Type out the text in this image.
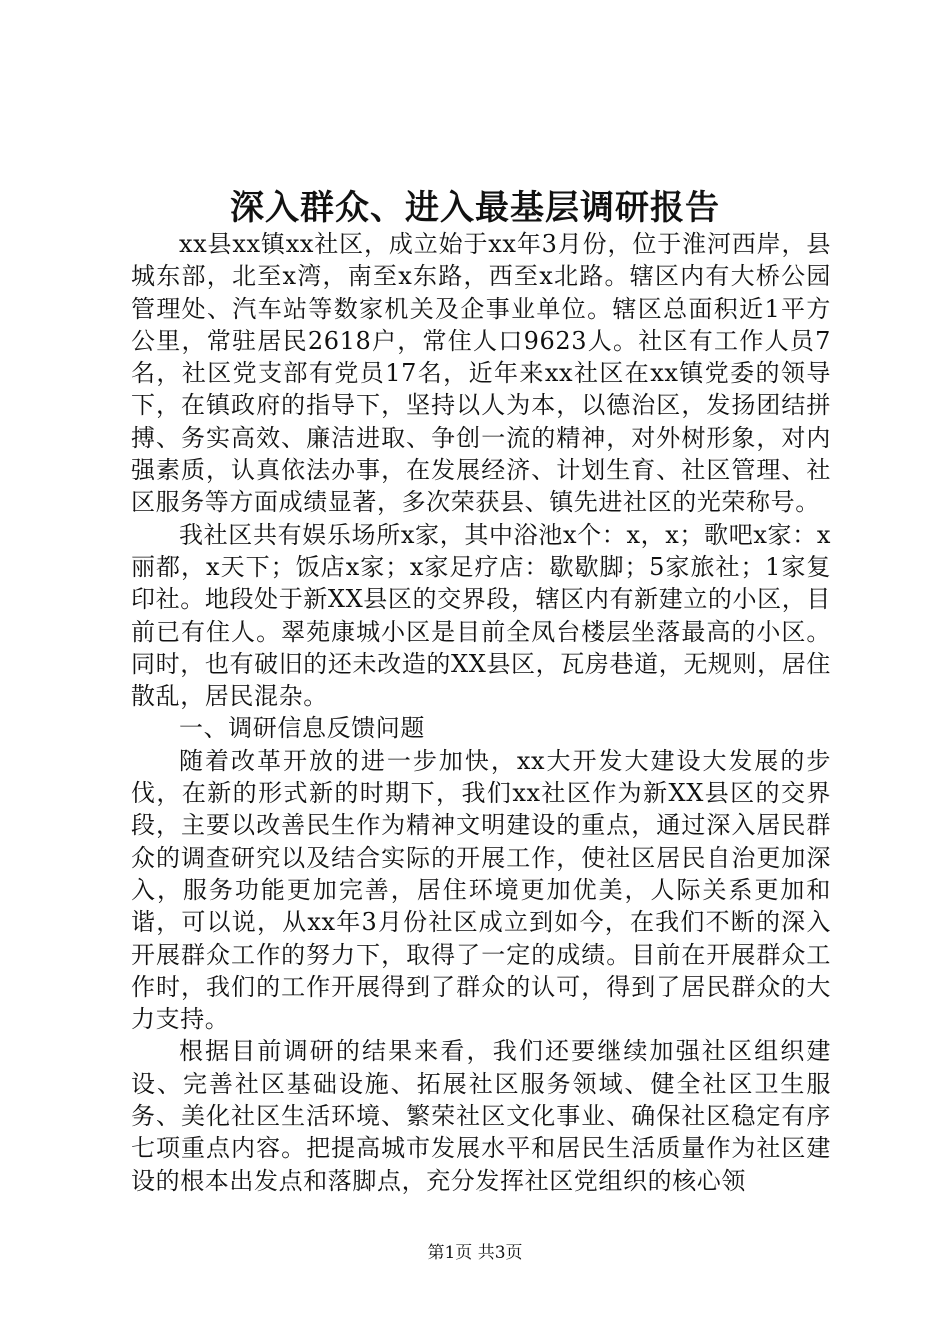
深入群众、进入最基层调研报告

xx县xx镇xx社区，成立始于xx年3月份，位于淮河西岸，县城东部，北至x湾，南至x东路，西至x北路。辖区内有大桥公园管理处、汽车站等数家机关及企事业单位。辖区总面积近1平方公里，常驻居民2618户，常住人口9623人。社区有工作人员7名，社区党支部有党员17名，近年来xx社区在xx镇党委的领导下，在镇政府的指导下，坚持以人为本，以德治区，发扬团结拼搏、务实高效、廉洁进取、争创一流的精神，对外树形象，对内强素质，认真依法办事，在发展经济、计划生育、社区管理、社区服务等方面成绩显著，多次荣获县、镇先进社区的光荣称号。

我社区共有娱乐场所x家，其中浴池x个：x，x；歌吧x家：x丽都，x天下；饭店x家；x家足疗店：歇歇脚；5家旅社；1家复印社。地段处于新XX县区的交界段，辖区内有新建立的小区，目前已有住人。翠苑康城小区是目前全凤台楼层坐落最高的小区。同时，也有破旧的还未改造的XX县区，瓦房巷道，无规则，居住散乱，居民混杂。

一、调研信息反馈问题

随着改革开放的进一步加快，xx大开发大建设大发展的步伐，在新的形式新的时期下，我们xx社区作为新XX县区的交界段，主要以改善民生作为精神文明建设的重点，通过深入居民群众的调查研究以及结合实际的开展工作，使社区居民自治更加深入，服务功能更加完善，居住环境更加优美，人际关系更加和谐，可以说，从xx年3月份社区成立到如今，在我们不断的深入开展群众工作的努力下，取得了一定的成绩。目前在开展群众工作时，我们的工作开展得到了群众的认可，得到了居民群众的大力支持。

根据目前调研的结果来看，我们还要继续加强社区组织建设、完善社区基础设施、拓展社区服务领域、健全社区卫生服务、美化社区生活环境、繁荣社区文化事业、确保社区稳定有序七项重点内容。把提高城市发展水平和居民生活质量作为社区建设的根本出发点和落脚点，充分发挥社区党组织的核心领

第1页 共3页
